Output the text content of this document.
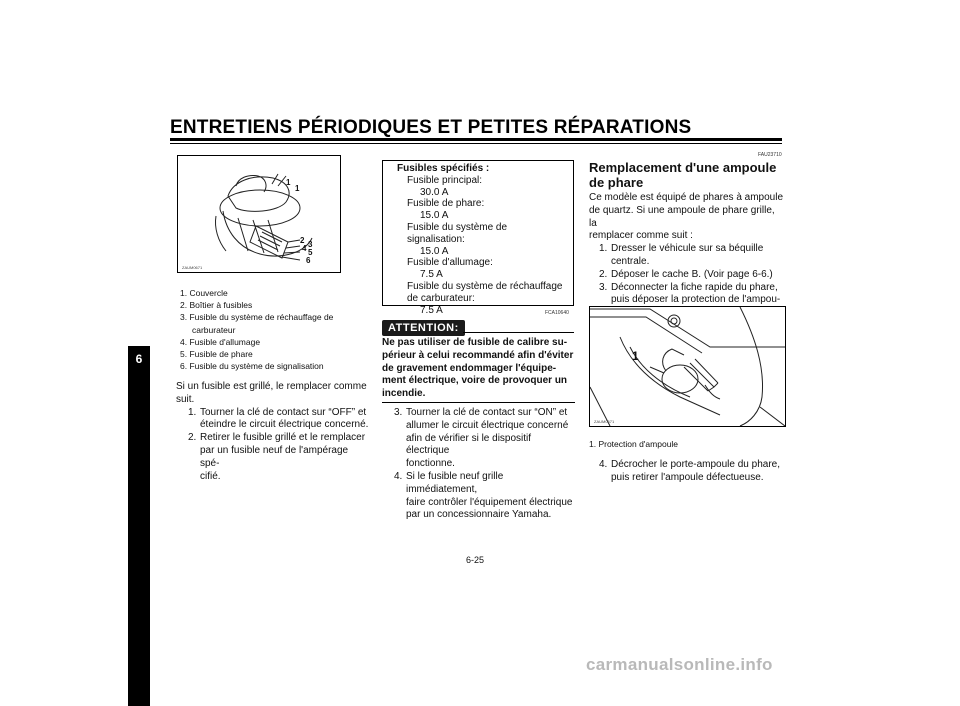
ENTRETIENS PÉRIODIQUES ET PETITES RÉPARATIONS
6
1
1
2 3
4 5
6
ZAUM0671
1. Couvercle
2. Boîtier à fusibles
3. Fusible du système de réchauffage de
carburateur
4. Fusible d'allumage
5. Fusible de phare
6. Fusible du système de signalisation

Si un fusible est grillé, le remplacer comme

suit.

1. Tourner la clé de contact sur “OFF” et
éteindre le circuit électrique concerné.
2. Retirer le fusible grillé et le remplacer
par un fusible neuf de l'ampérage spé-
cifié.
Fusibles spécifiés :
Fusible principal:
30.0 A
Fusible de phare:
15.0 A
Fusible du système de signalisation:
15.0 A
Fusible d'allumage:
7.5 A
Fusible du système de réchauffage
de carburateur:
7.5 A	FCA10640
ATTENTION:
Ne pas utiliser de fusible de calibre su-
périeur à celui recommandé afin d'éviter
de gravement endommager l'équipe-
ment électrique, voire de provoquer un
incendie.
3. Tourner la clé de contact sur “ON” et
allumer le circuit électrique concerné
afin de vérifier si le dispositif électrique
fonctionne.
4. Si le fusible neuf grille immédiatement,
faire contrôler l'équipement électrique
par un concessionnaire Yamaha.
FAU23710
Remplacement d'une ampoule
de phare

Ce modèle est équipé de phares à ampoule

de quartz. Si une ampoule de phare grille, la

remplacer comme suit :

1. Dresser le véhicule sur sa béquille
centrale.
2. Déposer le cache B. (Voir page 6-6.)
3. Déconnecter la fiche rapide du phare,
puis déposer la protection de l'ampou-

1
ZAUM0671
1. Protection d'ampoule
4. Décrocher le porte-ampoule du phare,
puis retirer l'ampoule défectueuse.
6-25
carmanualsonline.info
